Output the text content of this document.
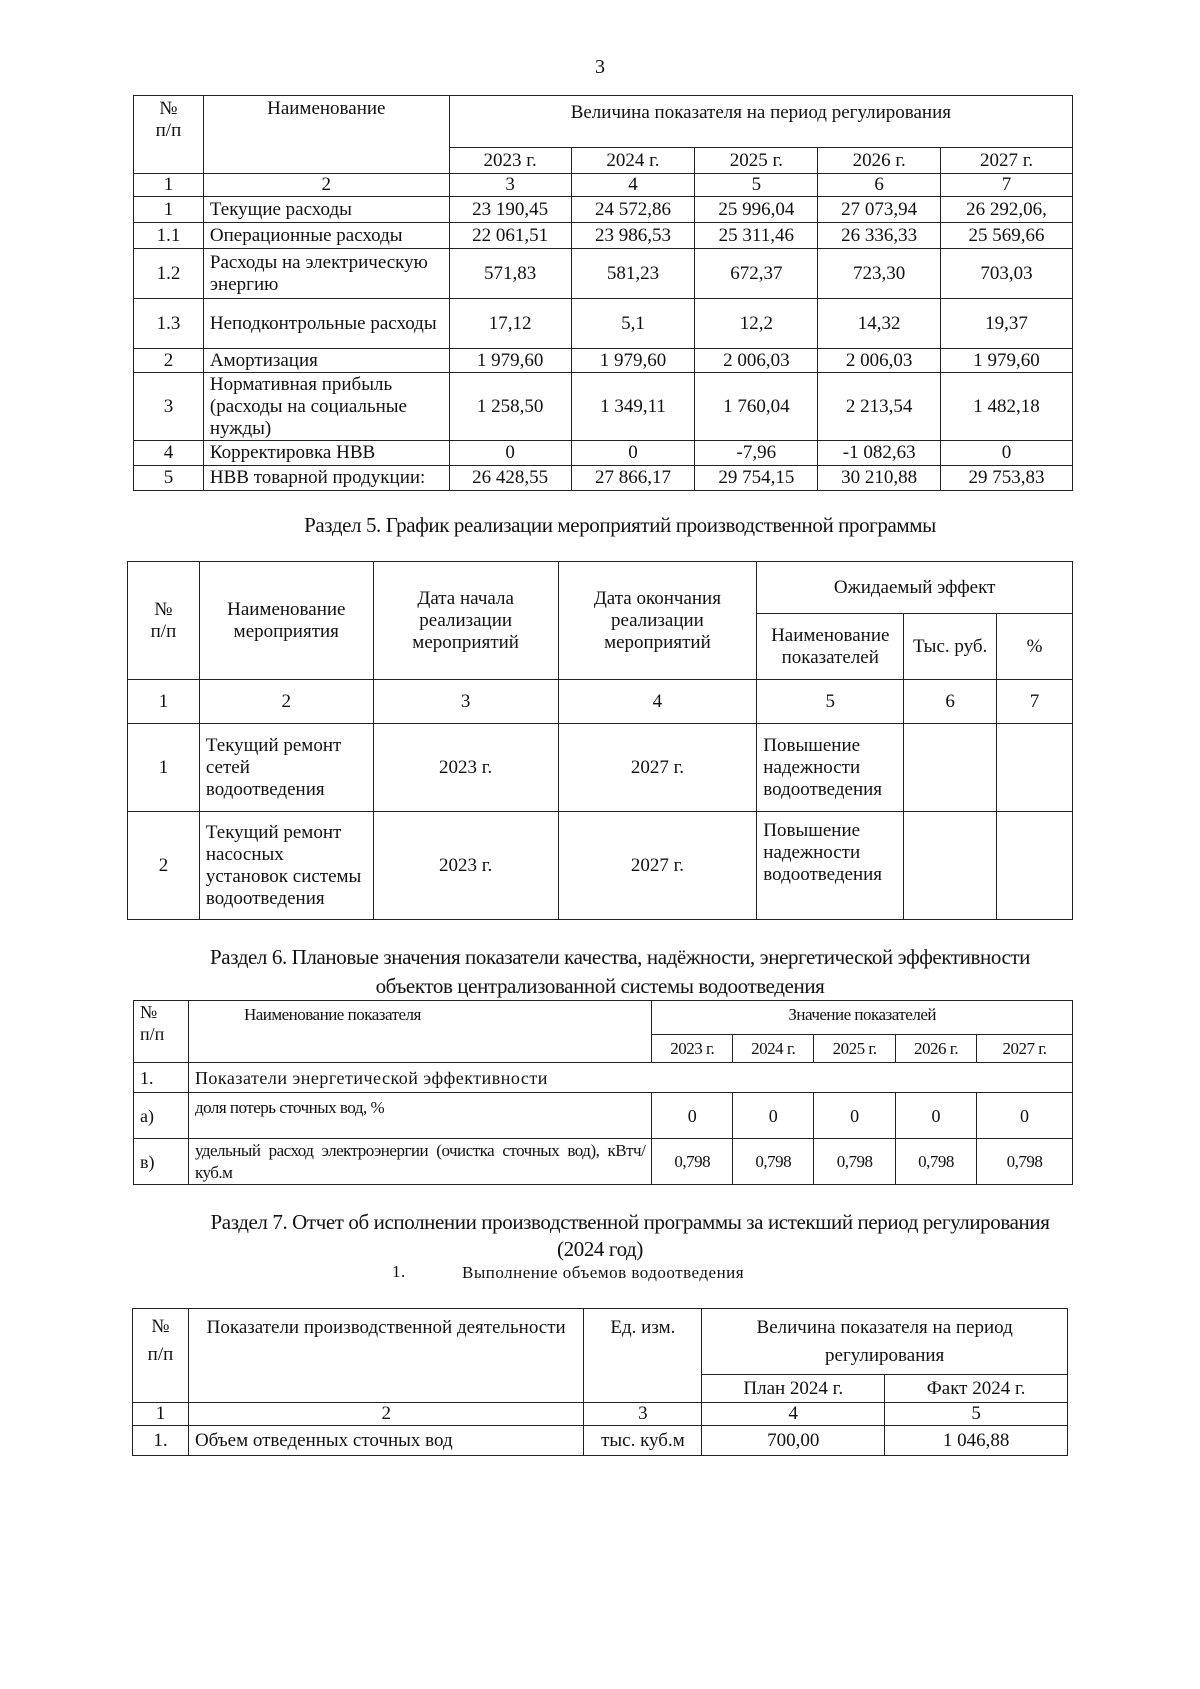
3
№
п/п	Наименование	Величина показателя на период регулирования				
		2023 г.	2024 г.	2025 г.	2026 г.	2027 г.
1	2	3	4	5	6	7
1	Текущие расходы	23 190,45	24 572,86	25 996,04	27 073,94	26 292,06,
1.1	Операционные расходы	22 061,51	23 986,53	25 311,46	26 336,33	25 569,66
1.2	Расходы на электрическую энергию	571,83	581,23	672,37	723,30	703,03
1.3	Неподконтрольные расходы	17,12	5,1	12,2	14,32	19,37
2	Амортизация	1 979,60	1 979,60	2 006,03	2 006,03	1 979,60
3	Нормативная прибыль (расходы на социальные нужды)	1 258,50	1 349,11	1 760,04	2 213,54	1 482,18
4	Корректировка НВВ	0	0	-7,96	-1 082,63	0
5	НВВ товарной продукции:	26 428,55	27 866,17	29 754,15	30 210,88	29 753,83
Раздел 5. График реализации мероприятий производственной программы
№
п/п	Наименование мероприятия	Дата начала реализации мероприятий	Дата окончания реализации мероприятий	Ожидаемый эффект		
				Наименование показателей	Тыс. руб.	%
1	2	3	4	5	6	7
1	Текущий ремонт сетей водоотведения	2023 г.	2027 г.	Повышение надежности водоотведения		
2	Текущий ремонт насосных установок системы водоотведения	2023 г.	2027 г.	Повышение надежности водоотведения		
Раздел 6. Плановые значения показатели качества, надёжности, энергетической эффективности
объектов централизованной системы водоотведения
№
п/п	Наименование показателя	Значение показателей				
		2023 г.	2024 г.	2025 г.	2026 г.	2027 г.
1.	Показатели энергетической эффективности					
а)	доля потерь сточных вод, %	0	0	0	0	0
в)	удельный расход электроэнергии (очистка сточных вод), кВтч/куб.м	0,798	0,798	0,798	0,798	0,798
Раздел 7. Отчет об исполнении производственной программы за истекший период регулирования
(2024 год)
1.	Выполнение объемов водоотведения
№
п/п	Показатели производственной деятельности	Ед. изм.	Величина показателя на период регулирования	
			План 2024 г.	Факт 2024 г.
1	2	3	4	5
1.	Объем отведенных сточных вод	тыс. куб.м	700,00	1 046,88
